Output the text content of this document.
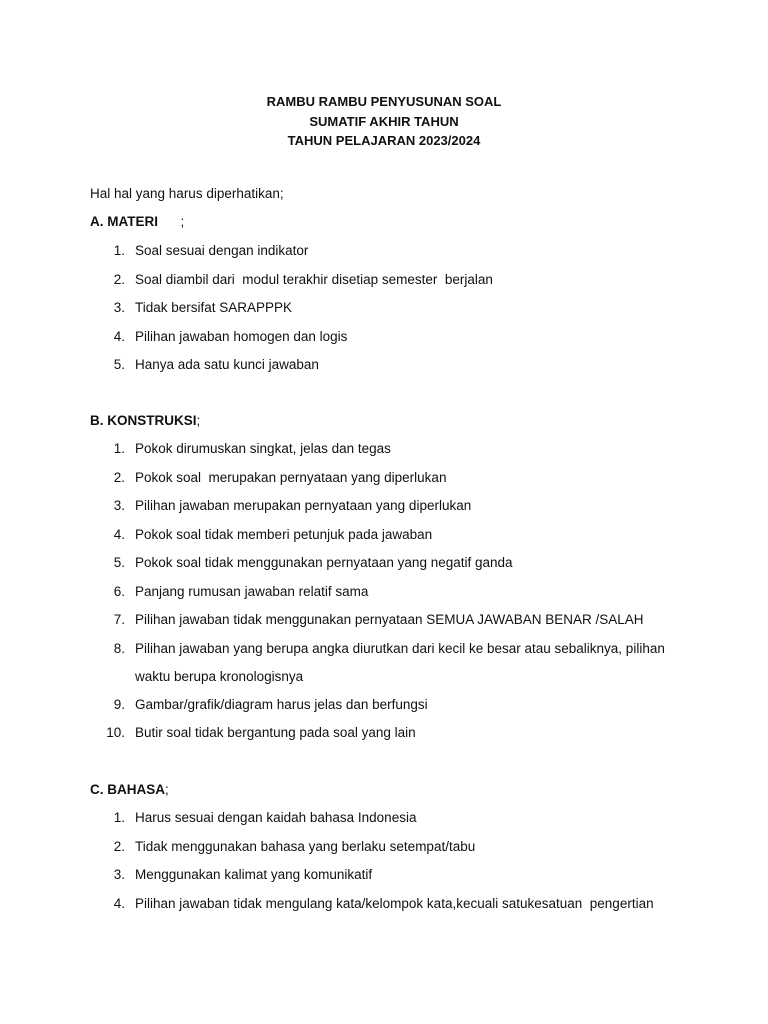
RAMBU RAMBU PENYUSUNAN SOAL
SUMATIF AKHIR TAHUN
TAHUN PELAJARAN 2023/2024
Hal hal yang harus diperhatikan;
A. MATERI      ;
1. Soal sesuai dengan indikator
2. Soal diambil dari  modul terakhir disetiap semester  berjalan
3. Tidak bersifat SARAPPPK
4. Pilihan jawaban homogen dan logis
5. Hanya ada satu kunci jawaban
B. KONSTRUKSI;
1. Pokok dirumuskan singkat, jelas dan tegas
2. Pokok soal  merupakan pernyataan yang diperlukan
3. Pilihan jawaban merupakan pernyataan yang diperlukan
4. Pokok soal tidak memberi petunjuk pada jawaban
5. Pokok soal tidak menggunakan pernyataan yang negatif ganda
6. Panjang rumusan jawaban relatif sama
7. Pilihan jawaban tidak menggunakan pernyataan SEMUA JAWABAN BENAR /SALAH
8. Pilihan jawaban yang berupa angka diurutkan dari kecil ke besar atau sebaliknya, pilihan waktu berupa kronologisnya
9. Gambar/grafik/diagram harus jelas dan berfungsi
10. Butir soal tidak bergantung pada soal yang lain
C. BAHASA;
1. Harus sesuai dengan kaidah bahasa Indonesia
2. Tidak menggunakan bahasa yang berlaku setempat/tabu
3. Menggunakan kalimat yang komunikatif
4. Pilihan jawaban tidak mengulang kata/kelompok kata,kecuali satukesatuan  pengertian
